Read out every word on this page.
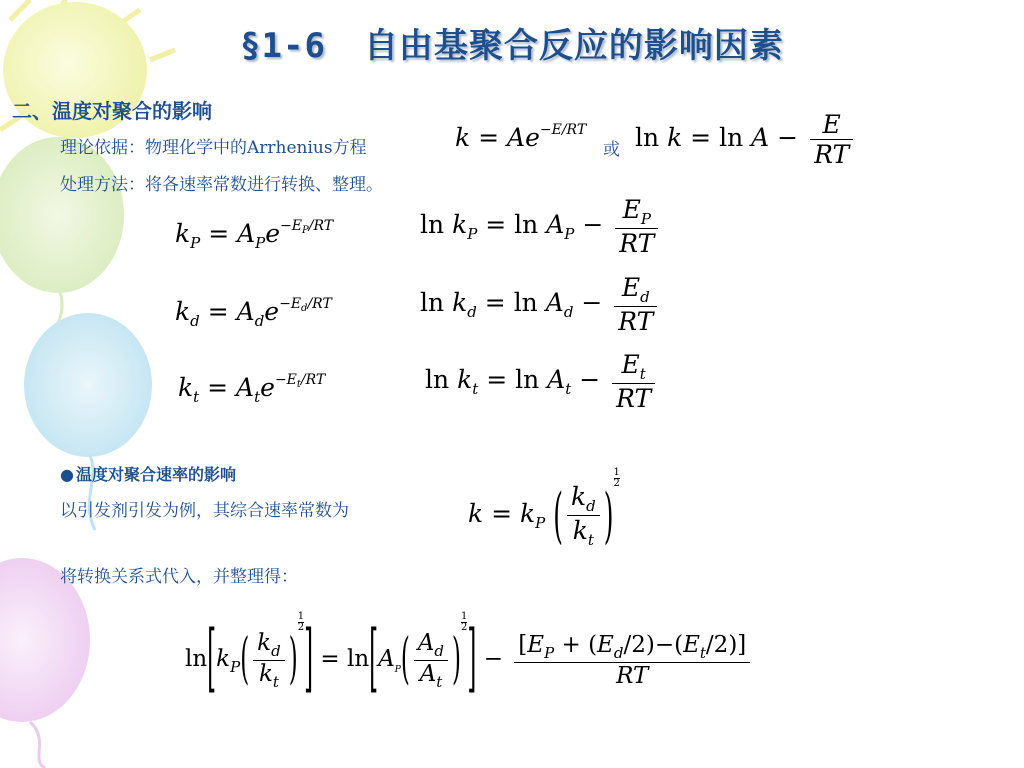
§1-6 自由基聚合反应的影响因素
二、温度对聚合的影响
理论依据：物理化学中的Arrhenius方程	$k = Ae^{-E/RT}$
或 $\ln k = \ln A - \frac{E}{RT}$
处理方法：将各速率常数进行转换、整理。
$k_P = A_Pe^{-E_P/RT}$	$\ln k_P = \ln A_P - \frac{E_P}{RT}$
$k_d = A_de^{-E_d/RT}$	$\ln k_d = \ln A_d - \frac{E_d}{RT}$
$k_t = A_te^{-E_t/RT}$	$\ln k_t = \ln A_t - \frac{E_t}{RT}$
● 温度对聚合速率的影响
以引发剂引发为例，其综合速率常数为	$k = k_P$ ( $\frac{k_d}{k_t}$ )
$\frac{1}{2}$
将转换关系式代入，并整理得：
$\ln[k_P( \frac{k_d}{k_t}$ )
$\frac{1}{2}] = \ln[A_P( \frac{A_d}{A_t}$ )
$\frac{1}{2}] - \frac{[E_P + (E_d/2)-(E_t/2)]}{RT}$
